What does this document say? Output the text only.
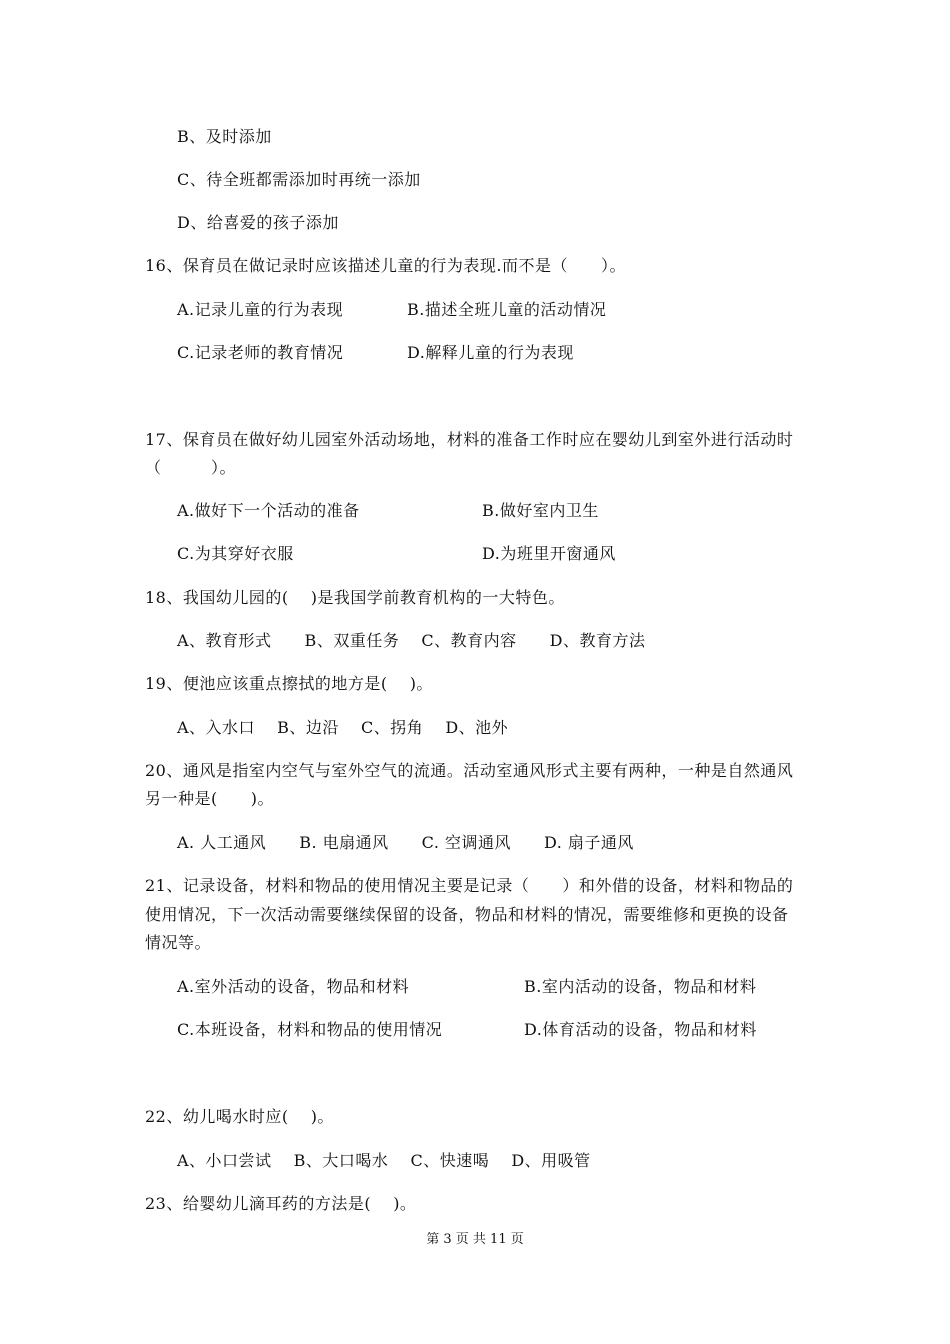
B、及时添加
C、待全班都需添加时再统一添加
D、给喜爱的孩子添加
16、保育员在做记录时应该描述儿童的行为表现.而不是（　　）。
A.记录儿童的行为表现	B.描述全班儿童的活动情况
C.记录老师的教育情况	D.解释儿童的行为表现
17、保育员在做好幼儿园室外活动场地，材料的准备工作时应在婴幼儿到室外进行活动时
（　　　）。
A.做好下一个活动的准备	B.做好室内卫生
C.为其穿好衣服	D.为班里开窗通风
18、我国幼儿园的(　 )是我国学前教育机构的一大特色。
A、教育形式　　B、双重任务　 C、教育内容　　D、教育方法
19、便池应该重点擦拭的地方是(　 )。
A、入水口　 B、边沿　 C、拐角　 D、池外
20、通风是指室内空气与室外空气的流通。活动室通风形式主要有两种，一种是自然通风
另一种是(　　)。
A. 人工通风　　B. 电扇通风　　C. 空调通风　　D. 扇子通风
21、记录设备，材料和物品的使用情况主要是记录（　　）和外借的设备，材料和物品的
使用情况，下一次活动需要继续保留的设备，物品和材料的情况，需要维修和更换的设备
情况等。
A.室外活动的设备，物品和材料	B.室内活动的设备，物品和材料
C.本班设备，材料和物品的使用情况	D.体育活动的设备，物品和材料
22、幼儿喝水时应(　 )。
A、小口尝试　 B、大口喝水　 C、快速喝　 D、用吸管
23、给婴幼儿滴耳药的方法是(　 )。
第 3 页 共 11 页
